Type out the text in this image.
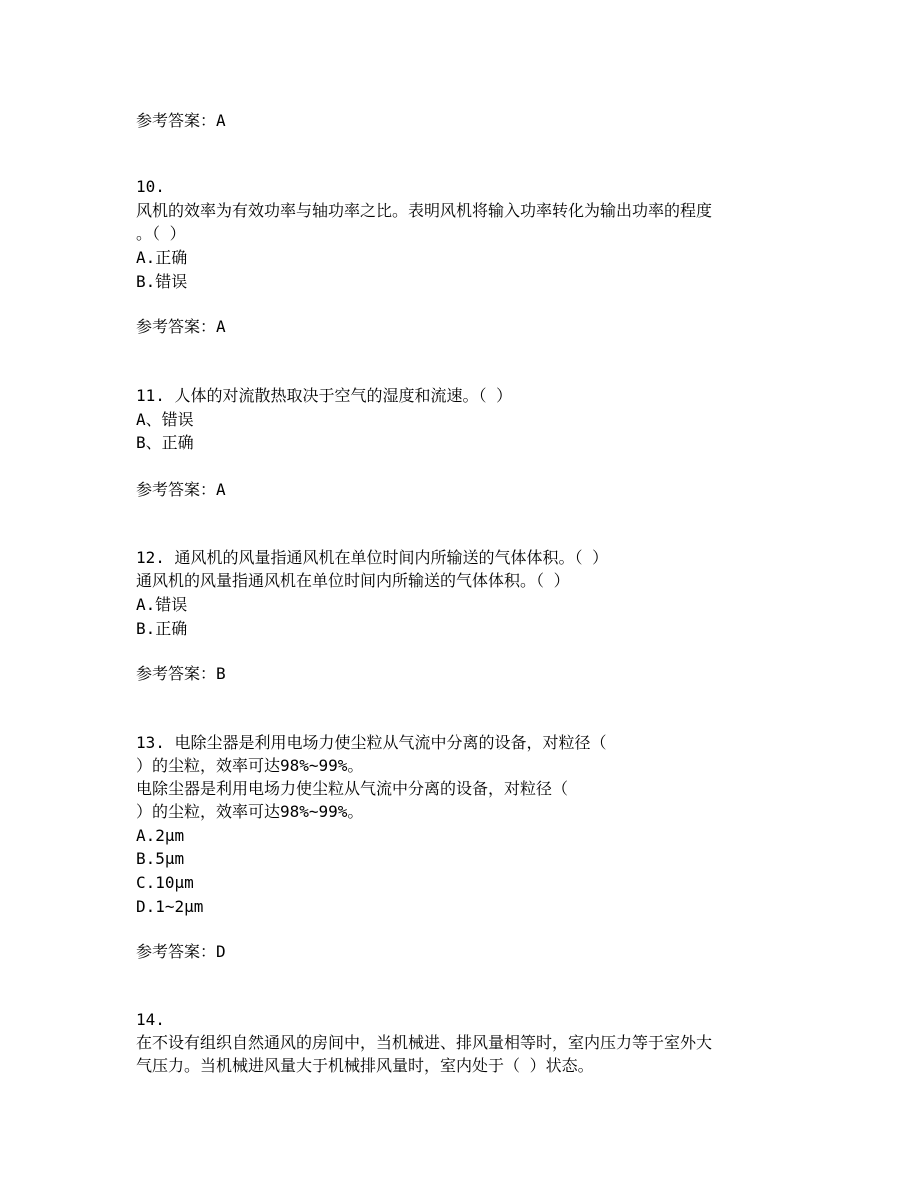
参考答案：A
10.
风机的效率为有效功率与轴功率之比。表明风机将输入功率转化为输出功率的程度
。（ ）
A.正确
B.错误
参考答案：A
11. 人体的对流散热取决于空气的湿度和流速。（ ）
A、错误
B、正确
参考答案：A
12. 通风机的风量指通风机在单位时间内所输送的气体体积。（ ）
通风机的风量指通风机在单位时间内所输送的气体体积。（ ）
A.错误
B.正确
参考答案：B
13. 电除尘器是利用电场力使尘粒从气流中分离的设备，对粒径（
）的尘粒，效率可达98%~99%。
电除尘器是利用电场力使尘粒从气流中分离的设备，对粒径（
）的尘粒，效率可达98%~99%。
A.2μm
B.5μm
C.10μm
D.1~2μm
参考答案：D
14.
在不设有组织自然通风的房间中，当机械进、排风量相等时，室内压力等于室外大
气压力。当机械进风量大于机械排风量时，室内处于（ ）状态。
